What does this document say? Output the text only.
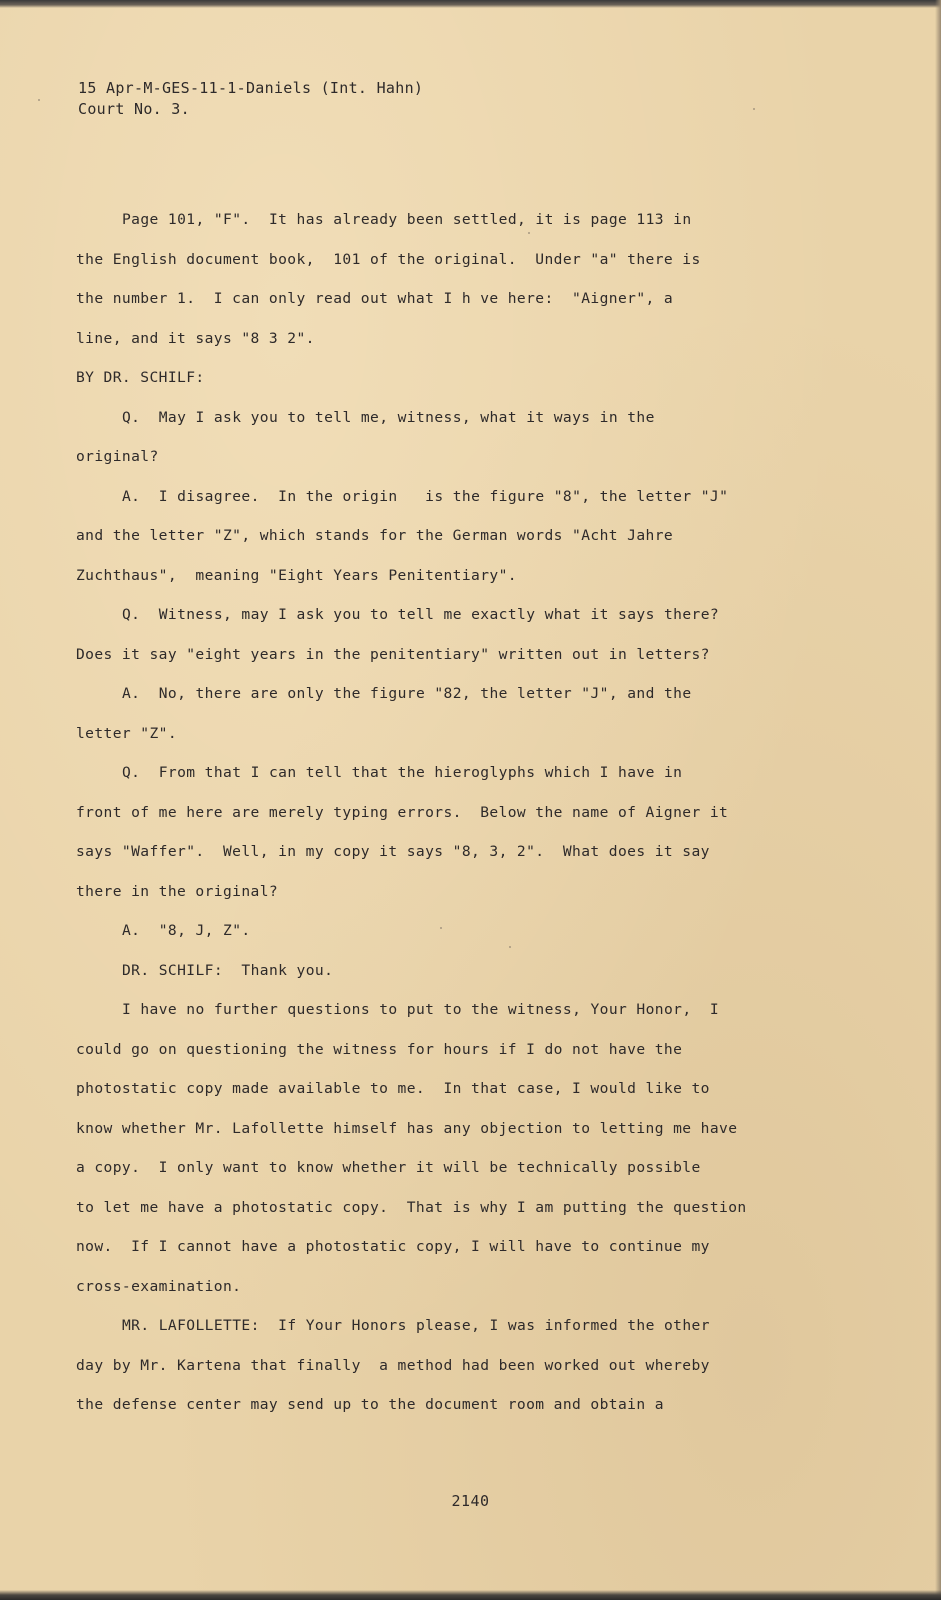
15 Apr-M-GES-11-1-Daniels (Int. Hahn)
Court No. 3.

Page 101, "F".  It has already been settled, it is page 113 in

the English document book,  101 of the original.  Under "a" there is

the number 1.  I can only read out what I h ve here:  "Aigner", a

line, and it says "8 3 2".

BY DR. SCHILF:

Q.  May I ask you to tell me, witness, what it ways in the

original?

A.  I disagree.  In the origin   is the figure "8", the letter "J"

and the letter "Z", which stands for the German words "Acht Jahre

Zuchthaus",  meaning "Eight Years Penitentiary".

Q.  Witness, may I ask you to tell me exactly what it says there?

Does it say "eight years in the penitentiary" written out in letters?

A.  No, there are only the figure "82, the letter "J", and the

letter "Z".

Q.  From that I can tell that the hieroglyphs which I have in

front of me here are merely typing errors.  Below the name of Aigner it

says "Waffer".  Well, in my copy it says "8, 3, 2".  What does it say

there in the original?

A.  "8, J, Z".

DR. SCHILF:  Thank you.

I have no further questions to put to the witness, Your Honor,  I

could go on questioning the witness for hours if I do not have the

photostatic copy made available to me.  In that case, I would like to

know whether Mr. Lafollette himself has any objection to letting me have

a copy.  I only want to know whether it will be technically possible

to let me have a photostatic copy.  That is why I am putting the question

now.  If I cannot have a photostatic copy, I will have to continue my

cross-examination.

MR. LAFOLLETTE:  If Your Honors please, I was informed the other

day by Mr. Kartena that finally  a method had been worked out whereby

the defense center may send up to the document room and obtain a

2140
